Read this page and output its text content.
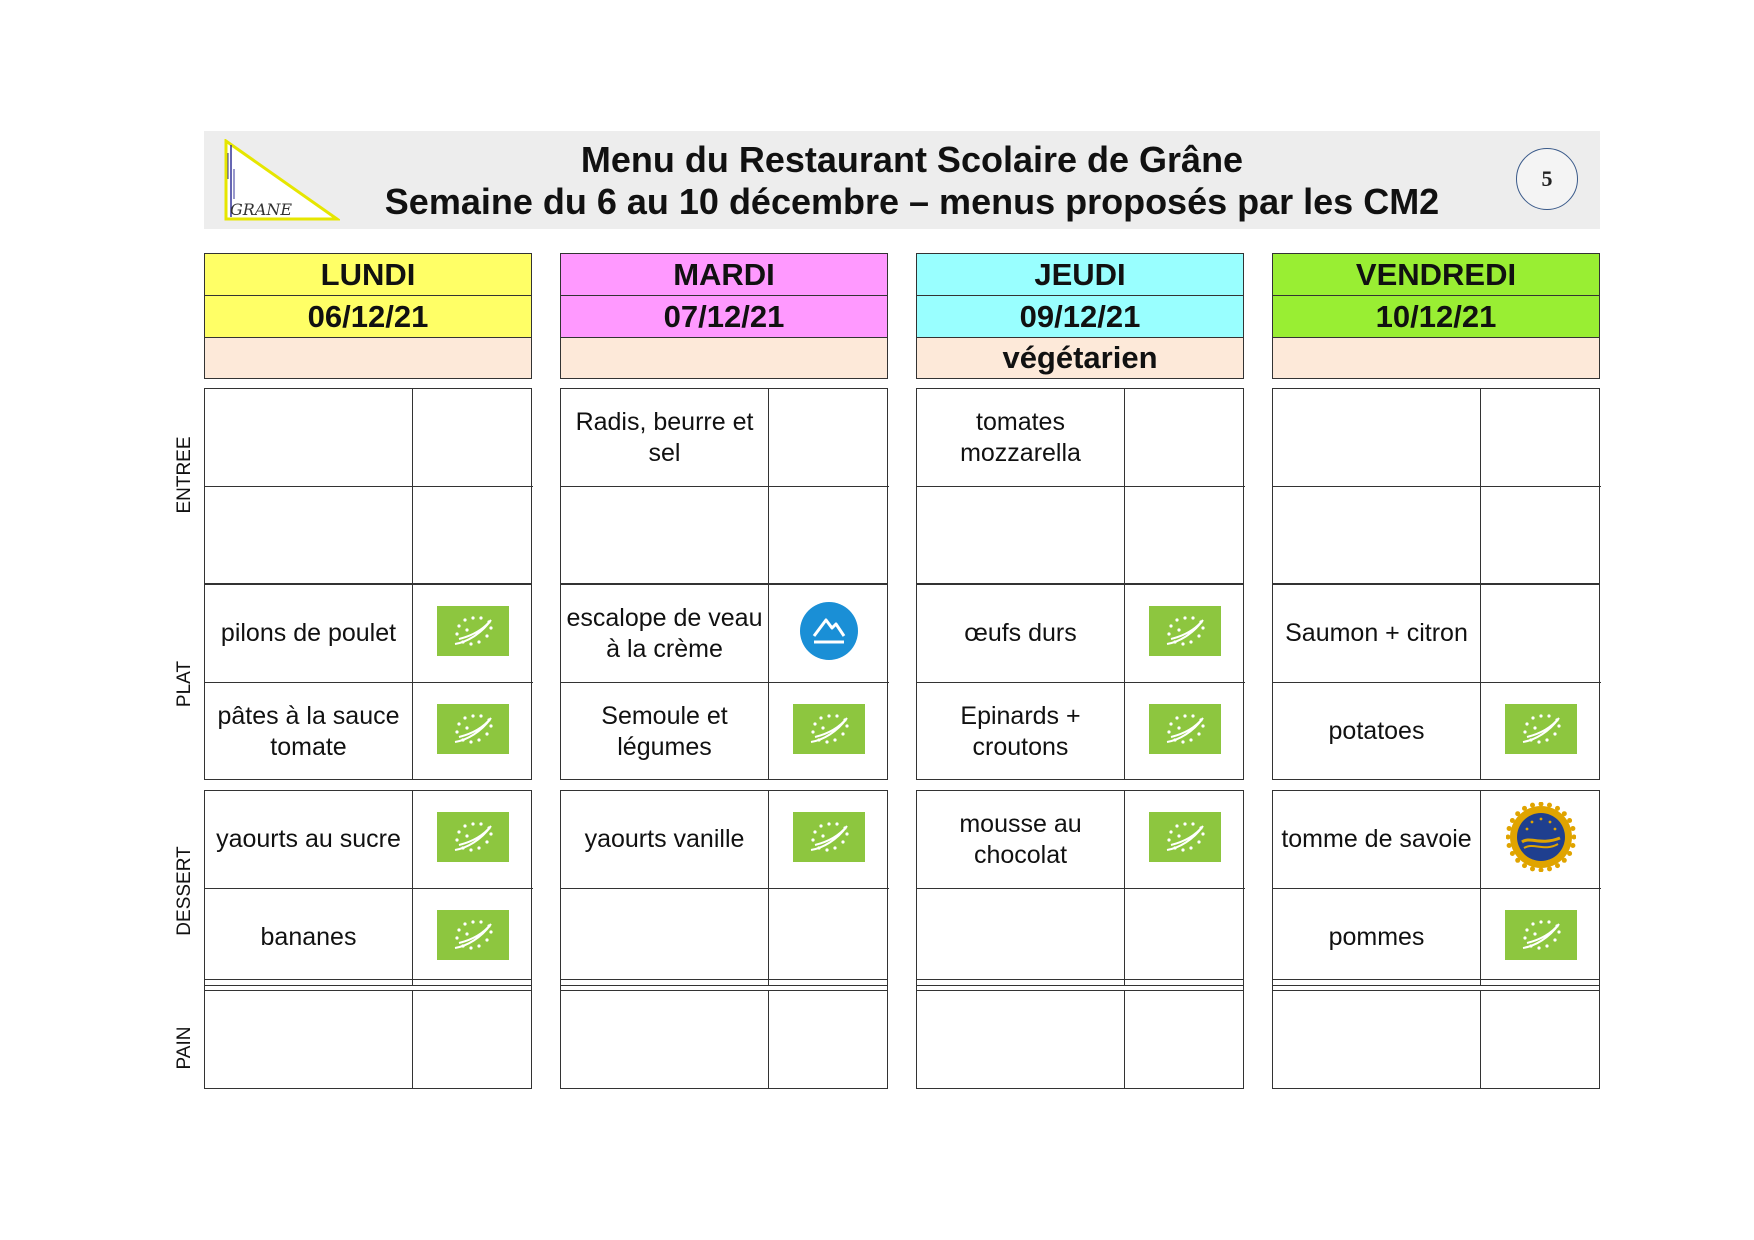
GRANE
Menu du Restaurant Scolaire de Grâne
Semaine du 6 au 10 décembre – menus proposés par les CM2
5
ENTREE
PLAT
DESSERT
PAIN
LUNDI
06/12/21
pilons de poulet
pâtes à la sauce tomate
yaourts au sucre
bananes
MARDI
07/12/21
Radis, beurre et sel
escalope de veau à la crème
Semoule et légumes
yaourts vanille
JEUDI
09/12/21
végétarien
tomates mozzarella
œufs durs
Epinards + croutons
mousse au chocolat
VENDREDI
10/12/21
Saumon + citron
potatoes
tomme de savoie
pommes
